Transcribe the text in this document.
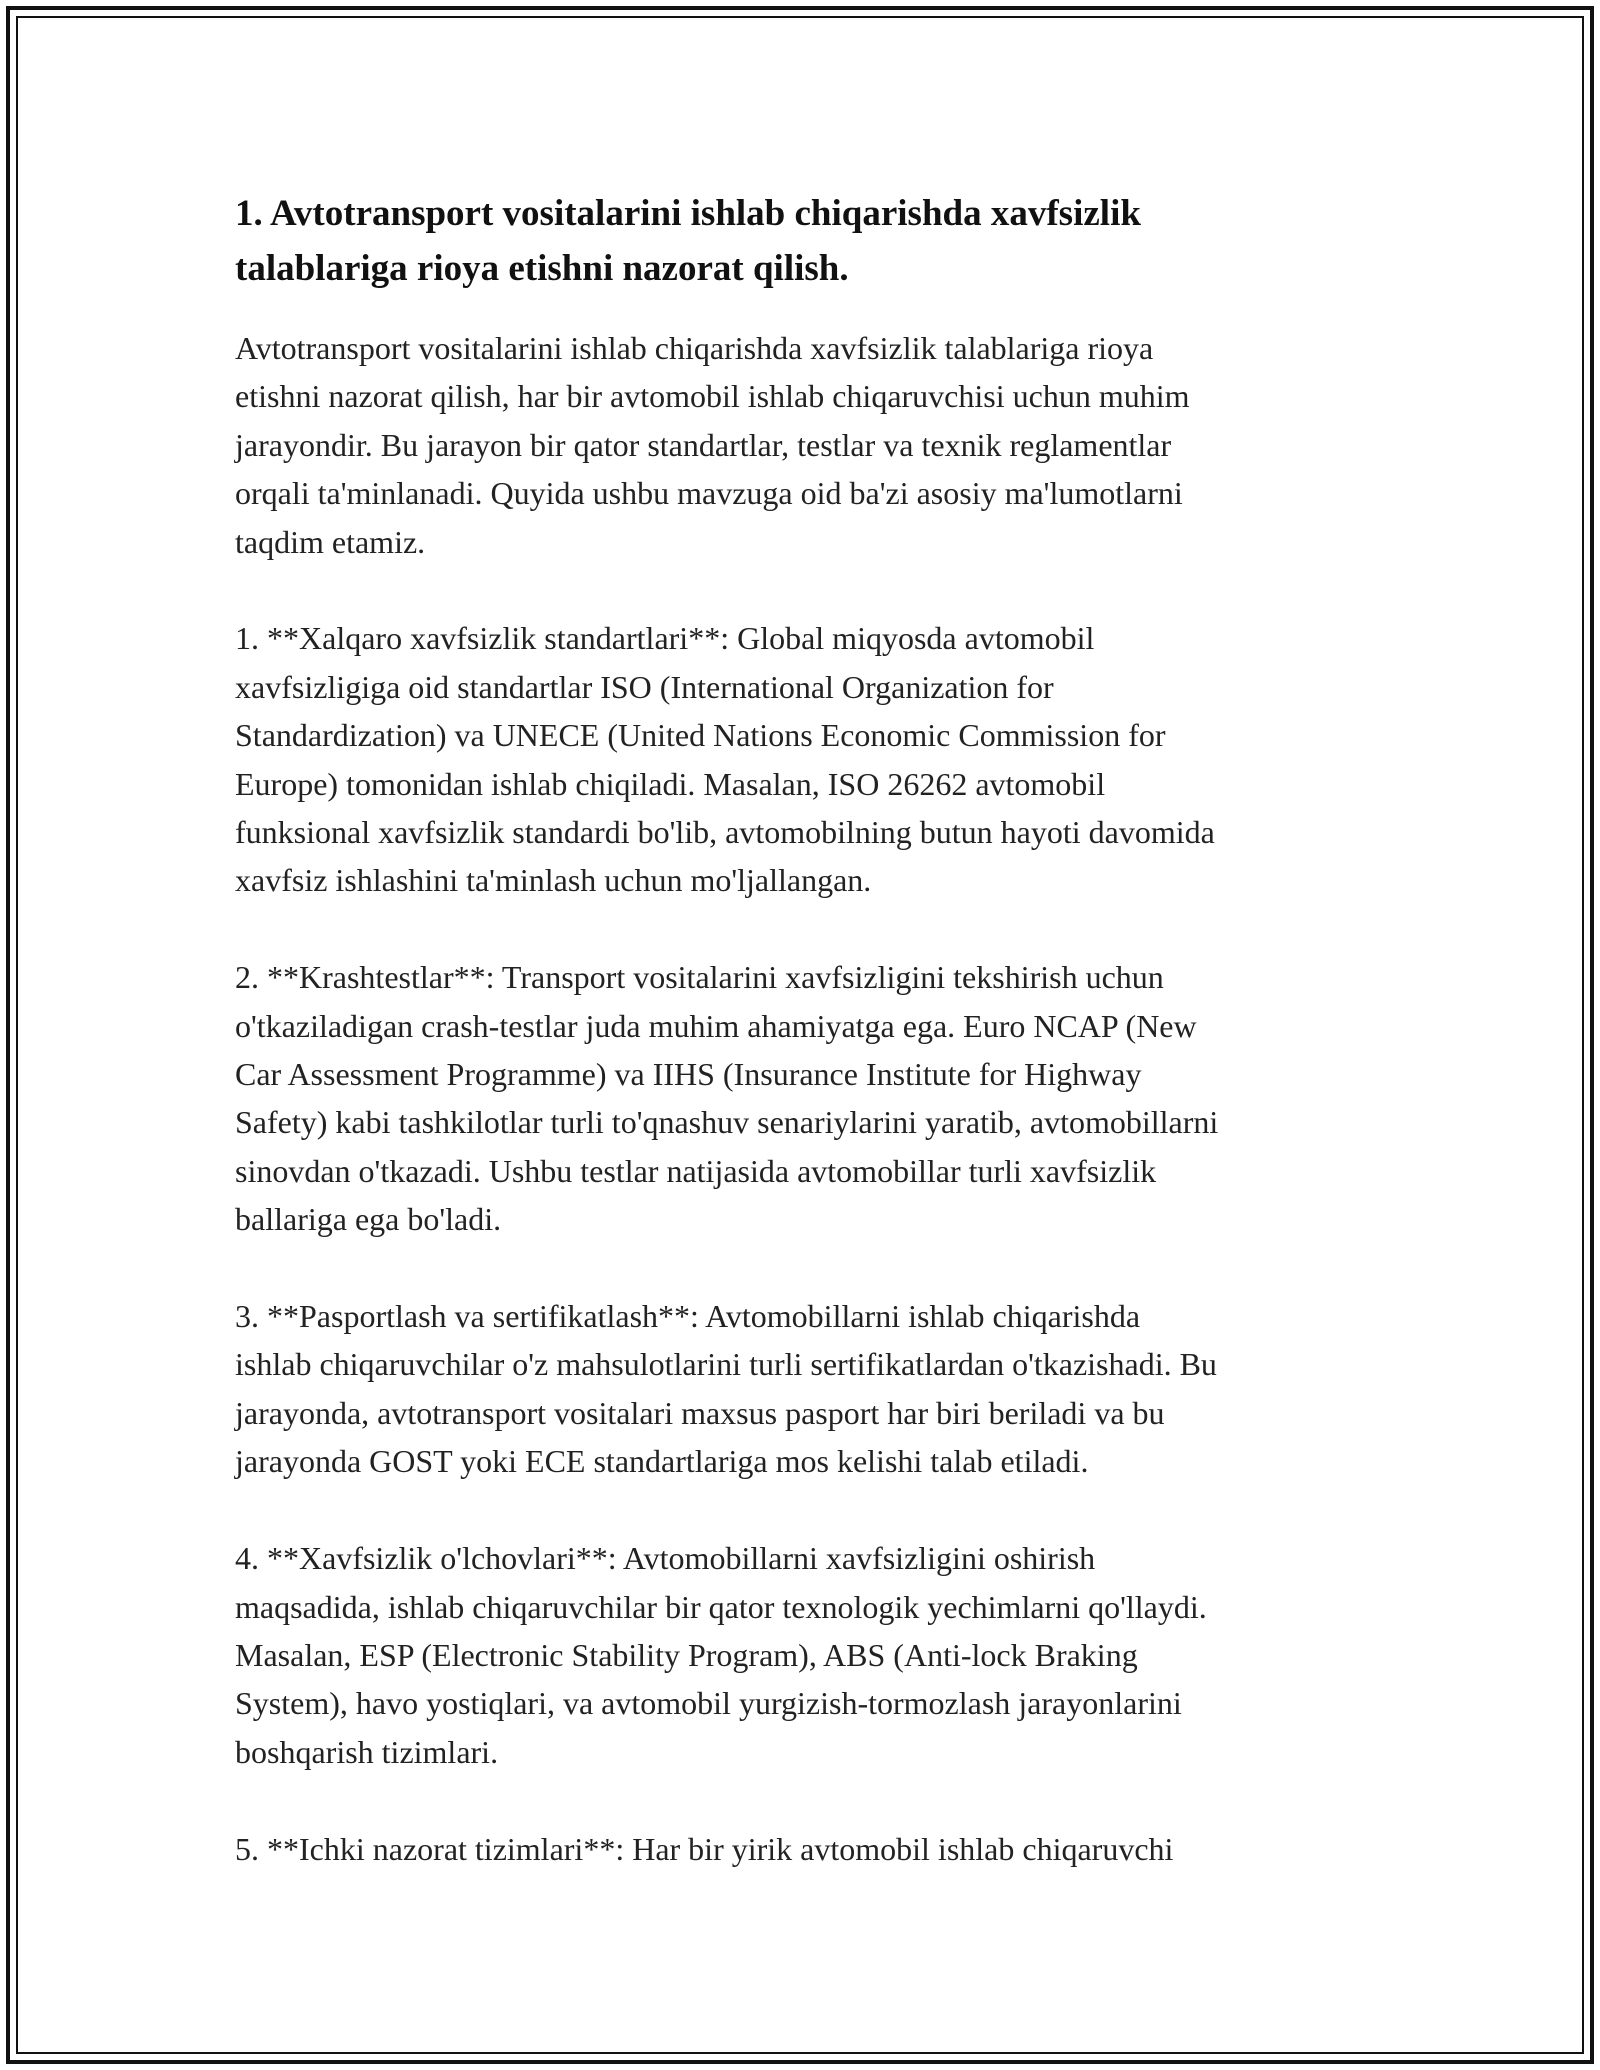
1. Avtotransport vositalarini ishlab chiqarishda xavfsizlik
talablariga rioya etishni nazorat qilish.

Avtotransport vositalarini ishlab chiqarishda xavfsizlik talablariga rioya
etishni nazorat qilish, har bir avtomobil ishlab chiqaruvchisi uchun muhim
jarayondir. Bu jarayon bir qator standartlar, testlar va texnik reglamentlar
orqali ta'minlanadi. Quyida ushbu mavzuga oid ba'zi asosiy ma'lumotlarni
taqdim etamiz.

1. **Xalqaro xavfsizlik standartlari**: Global miqyosda avtomobil
xavfsizligiga oid standartlar ISO (International Organization for
Standardization) va UNECE (United Nations Economic Commission for
Europe) tomonidan ishlab chiqiladi. Masalan, ISO 26262 avtomobil
funksional xavfsizlik standardi bo'lib, avtomobilning butun hayoti davomida
xavfsiz ishlashini ta'minlash uchun mo'ljallangan.

2. **Krashtestlar**: Transport vositalarini xavfsizligini tekshirish uchun
o'tkaziladigan crash-testlar juda muhim ahamiyatga ega. Euro NCAP (New
Car Assessment Programme) va IIHS (Insurance Institute for Highway
Safety) kabi tashkilotlar turli to'qnashuv senariylarini yaratib, avtomobillarni
sinovdan o'tkazadi. Ushbu testlar natijasida avtomobillar turli xavfsizlik
ballariga ega bo'ladi.

3. **Pasportlash va sertifikatlash**: Avtomobillarni ishlab chiqarishda
ishlab chiqaruvchilar o'z mahsulotlarini turli sertifikatlardan o'tkazishadi. Bu
jarayonda, avtotransport vositalari maxsus pasport har biri beriladi va bu
jarayonda GOST yoki ECE standartlariga mos kelishi talab etiladi.

4. **Xavfsizlik o'lchovlari**: Avtomobillarni xavfsizligini oshirish
maqsadida, ishlab chiqaruvchilar bir qator texnologik yechimlarni qo'llaydi.
Masalan, ESP (Electronic Stability Program), ABS (Anti-lock Braking
System), havo yostiqlari, va avtomobil yurgizish-tormozlash jarayonlarini
boshqarish tizimlari.

5. **Ichki nazorat tizimlari**: Har bir yirik avtomobil ishlab chiqaruvchi
